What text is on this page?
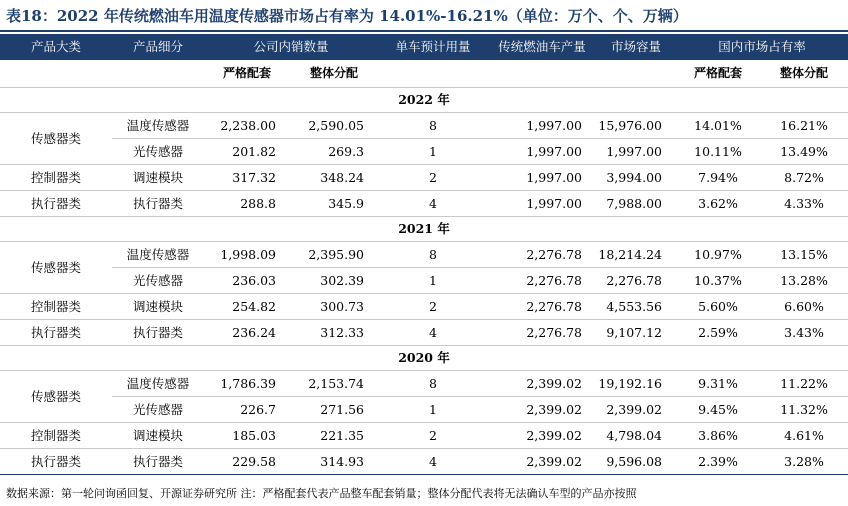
表18：2022 年传统燃油车用温度传感器市场占有率为 14.01%-16.21%（单位：万个、个、万辆）
产品大类	产品细分	公司内销数量		单车预计用量	传统燃油车产量	市场容量	国内市场占有率	
		严格配套	整体分配				严格配套	整体分配
2022 年								
传感器类	温度传感器	2,238.00	2,590.05	8	1,997.00	15,976.00	14.01%	16.21%
	光传感器	201.82	269.3	1	1,997.00	1,997.00	10.11%	13.49%
控制器类	调速模块	317.32	348.24	2	1,997.00	3,994.00	7.94%	8.72%
执行器类	执行器类	288.8	345.9	4	1,997.00	7,988.00	3.62%	4.33%
2021 年								
传感器类	温度传感器	1,998.09	2,395.90	8	2,276.78	18,214.24	10.97%	13.15%
	光传感器	236.03	302.39	1	2,276.78	2,276.78	10.37%	13.28%
控制器类	调速模块	254.82	300.73	2	2,276.78	4,553.56	5.60%	6.60%
执行器类	执行器类	236.24	312.33	4	2,276.78	9,107.12	2.59%	3.43%
2020 年								
传感器类	温度传感器	1,786.39	2,153.74	8	2,399.02	19,192.16	9.31%	11.22%
	光传感器	226.7	271.56	1	2,399.02	2,399.02	9.45%	11.32%
控制器类	调速模块	185.03	221.35	2	2,399.02	4,798.04	3.86%	4.61%
执行器类	执行器类	229.58	314.93	4	2,399.02	9,596.08	2.39%	3.28%
数据来源：第一轮问询函回复、开源证券研究所 注：严格配套代表产品整车配套销量；整体分配代表将无法确认车型的产品亦按照
